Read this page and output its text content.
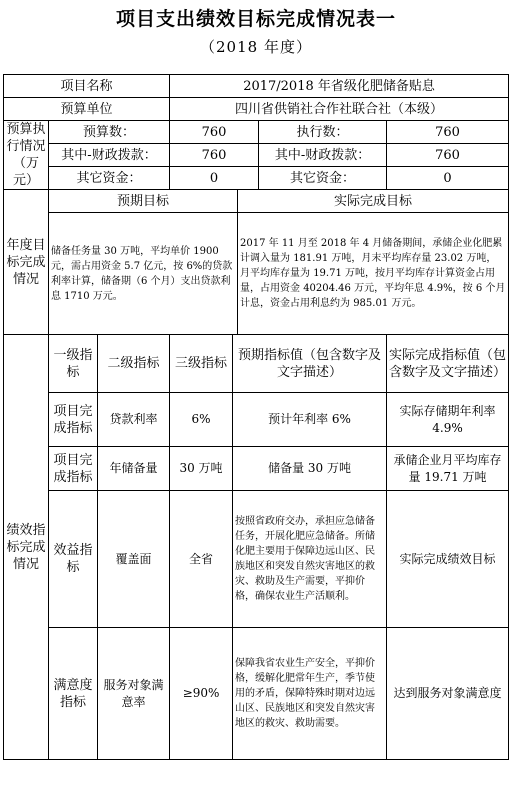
项目支出绩效目标完成情况表一
（2018 年度）
项目名称			2017/2018 年省级化肥储备贴息				
预算单位			四川省供销社合作社联合社（本级）				
预算执行情况（万元）	预算数：		760			执行数：	760
	其中-财政拨款：		760			其中-财政拨款：	760
	其它资金：		0			其它资金：	0
年度目标完成情况	预期目标				实际完成目标		
	储备任务量 30 万吨，平均单价 1900元，需占用资金 5.7 亿元，按 6%的贷款利率计算，储备期（6 个月）支出贷款利息 1710 万元。				2017 年 11 月至 2018 年 4 月储备期间，承储企业化肥累计调入量为 181.91 万吨，月末平均库存量 23.02 万吨，月平均库存量为 19.71 万吨，按月平均库存计算资金占用量，占用资金 40204.46 万元，平均年息 4.9%，按 6 个月计息，资金占用利息约为 985.01 万元。		
绩效指标完成情况	一级指标	二级指标	三级指标	预期指标值（包含数字及文字描述）			实际完成指标值（包含数字及文字描述）
	项目完成指标	贷款利率	6%	预计年利率 6%			实际存储期年利率 4.9%
	项目完成指标	年储备量	30 万吨	储备量 30 万吨			承储企业月平均库存量 19.71 万吨
	效益指标	覆盖面	全省	按照省政府交办，承担应急储备任务，开展化肥应急储备。所储化肥主要用于保障边远山区、民族地区和突发自然灾害地区的救灾、救助及生产需要，平抑价格，确保农业生产活顺利。			实际完成绩效目标
	满意度指标	服务对象满意率	≥90%	保障我省农业生产安全，平抑价格，缓解化肥常年生产，季节使用的矛盾，保障特殊时期对边远山区、民族地区和突发自然灾害地区的救灾、救助需要。			达到服务对象满意度
